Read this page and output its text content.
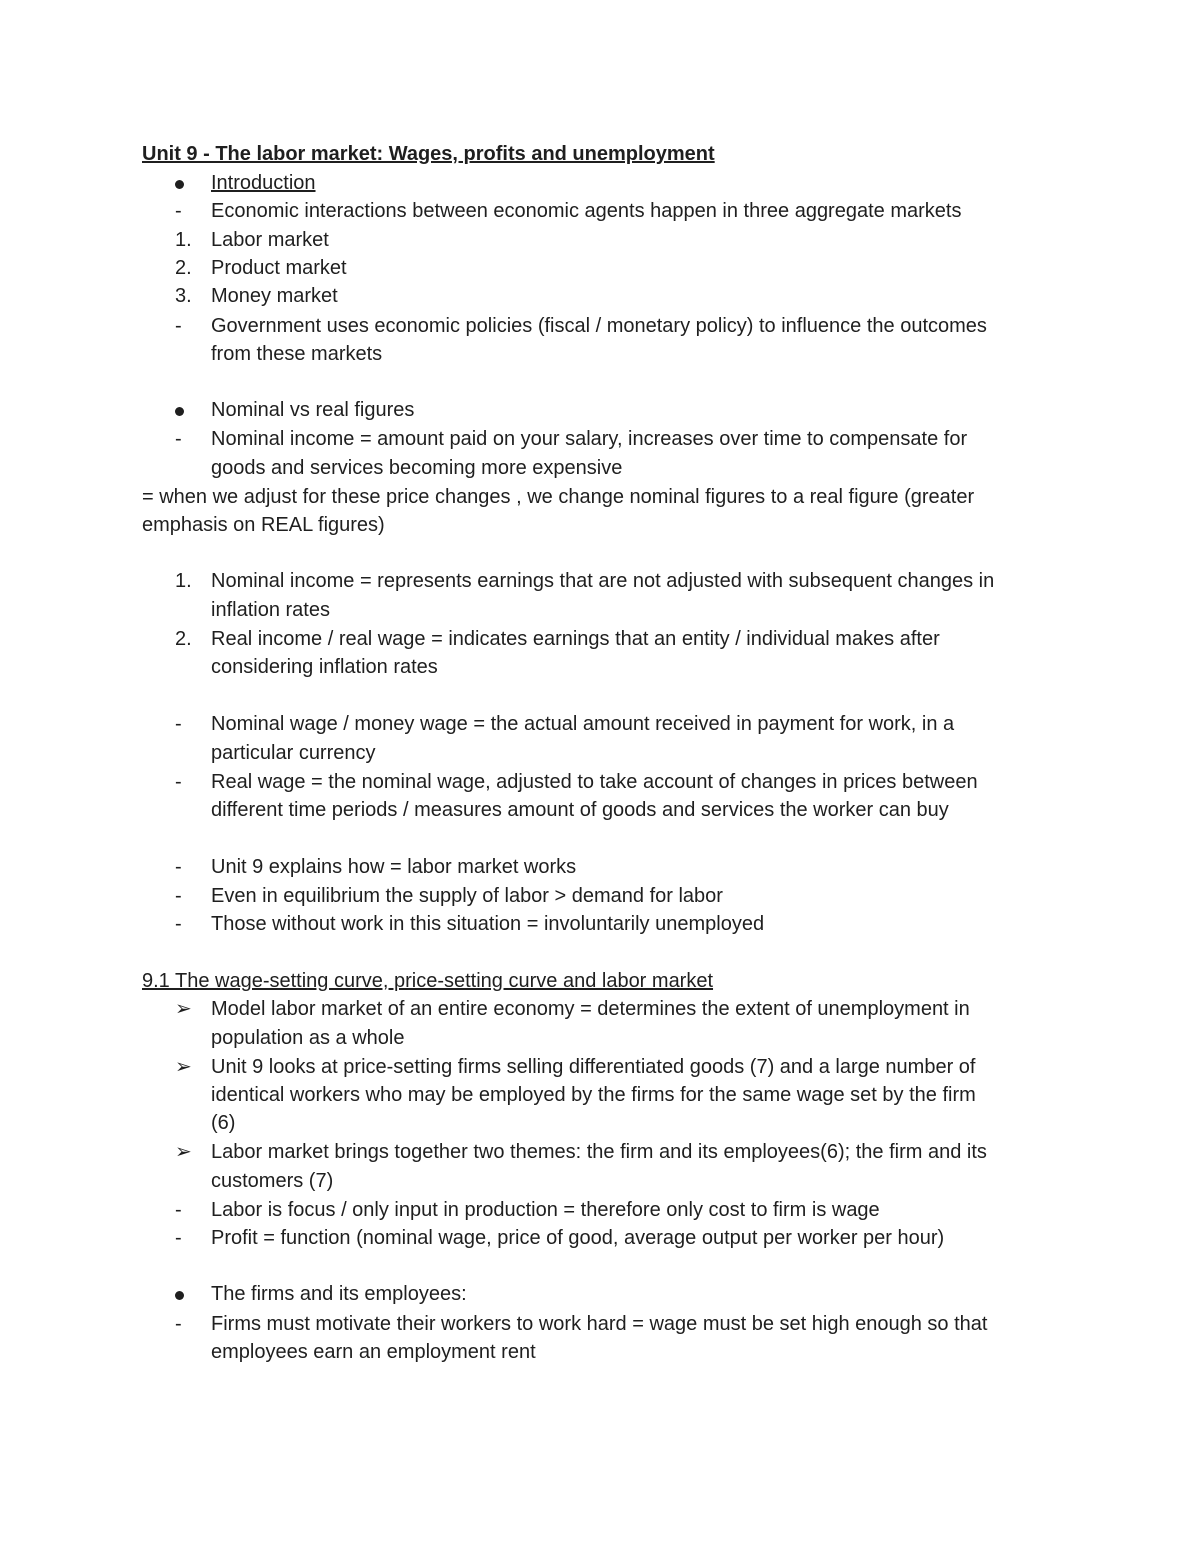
Unit 9 - The labor market: Wages, profits and unemployment
Introduction
- Economic interactions between economic agents happen in three aggregate markets
1. Labor market
2. Product market
3. Money market
- Government uses economic policies (fiscal / monetary policy) to influence the outcomes
from these markets
Nominal vs real figures
- Nominal income = amount paid on your salary, increases over time to compensate for
goods and services becoming more expensive
= when we adjust for these price changes , we change nominal figures to a real figure (greater
emphasis on REAL figures)
1. Nominal income = represents earnings that are not adjusted with subsequent changes in
inflation rates
2. Real income / real wage = indicates earnings that an entity / individual makes after
considering inflation rates
- Nominal wage / money wage = the actual amount received in payment for work, in a
particular currency
- Real wage = the nominal wage, adjusted to take account of changes in prices between
different time periods / measures amount of goods and services the worker can buy
- Unit 9 explains how = labor market works
- Even in equilibrium the supply of labor > demand for labor
- Those without work in this situation = involuntarily unemployed
9.1 The wage-setting curve, price-setting curve and labor market
➢ Model labor market of an entire economy = determines the extent of unemployment in
population as a whole
➢ Unit 9 looks at price-setting firms selling differentiated goods (7) and a large number of
identical workers who may be employed by the firms for the same wage set by the firm
(6)
➢ Labor market brings together two themes: the firm and its employees(6); the firm and its
customers (7)
- Labor is focus / only input in production = therefore only cost to firm is wage
- Profit = function (nominal wage, price of good, average output per worker per hour)
The firms and its employees:
- Firms must motivate their workers to work hard = wage must be set high enough so that
employees earn an employment rent
